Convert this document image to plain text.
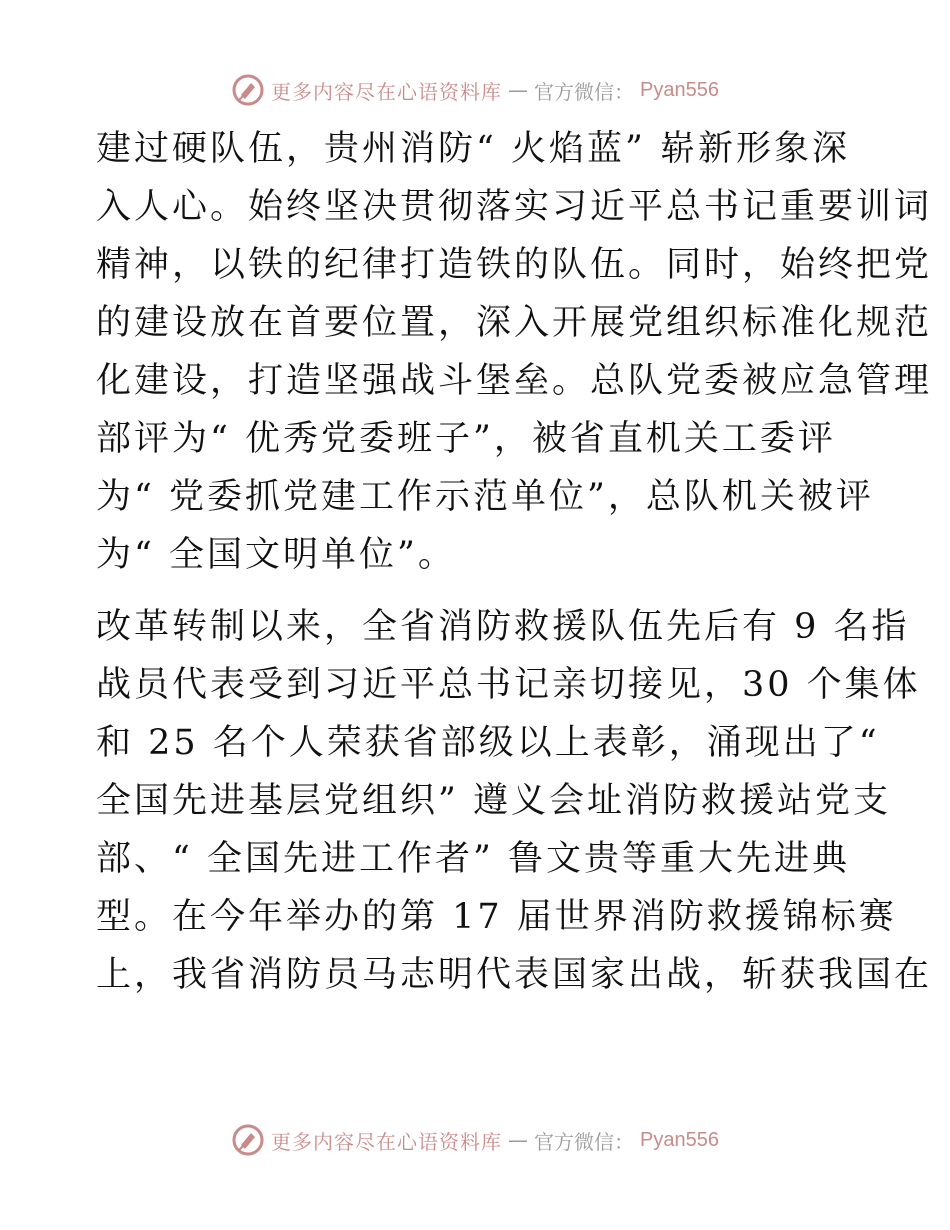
更多内容尽在心语资料库 — 官方微信： Pyan556
建过硬队伍，贵州消防“ 火焰蓝” 崭新形象深
入人心。始终坚决贯彻落实习近平总书记重要训词
精神，以铁的纪律打造铁的队伍。同时，始终把党
的建设放在首要位置，深入开展党组织标准化规范
化建设，打造坚强战斗堡垒。总队党委被应急管理
部评为“ 优秀党委班子”，被省直机关工委评
为“ 党委抓党建工作示范单位”，总队机关被评
为“ 全国文明单位”。
改革转制以来，全省消防救援队伍先后有 9 名指
战员代表受到习近平总书记亲切接见，30 个集体
和 25 名个人荣获省部级以上表彰，涌现出了“
全国先进基层党组织” 遵义会址消防救援站党支
部、“ 全国先进工作者” 鲁文贵等重大先进典
型。在今年举办的第 17 届世界消防救援锦标赛
上，我省消防员马志明代表国家出战，斩获我国在
更多内容尽在心语资料库 — 官方微信： Pyan556
